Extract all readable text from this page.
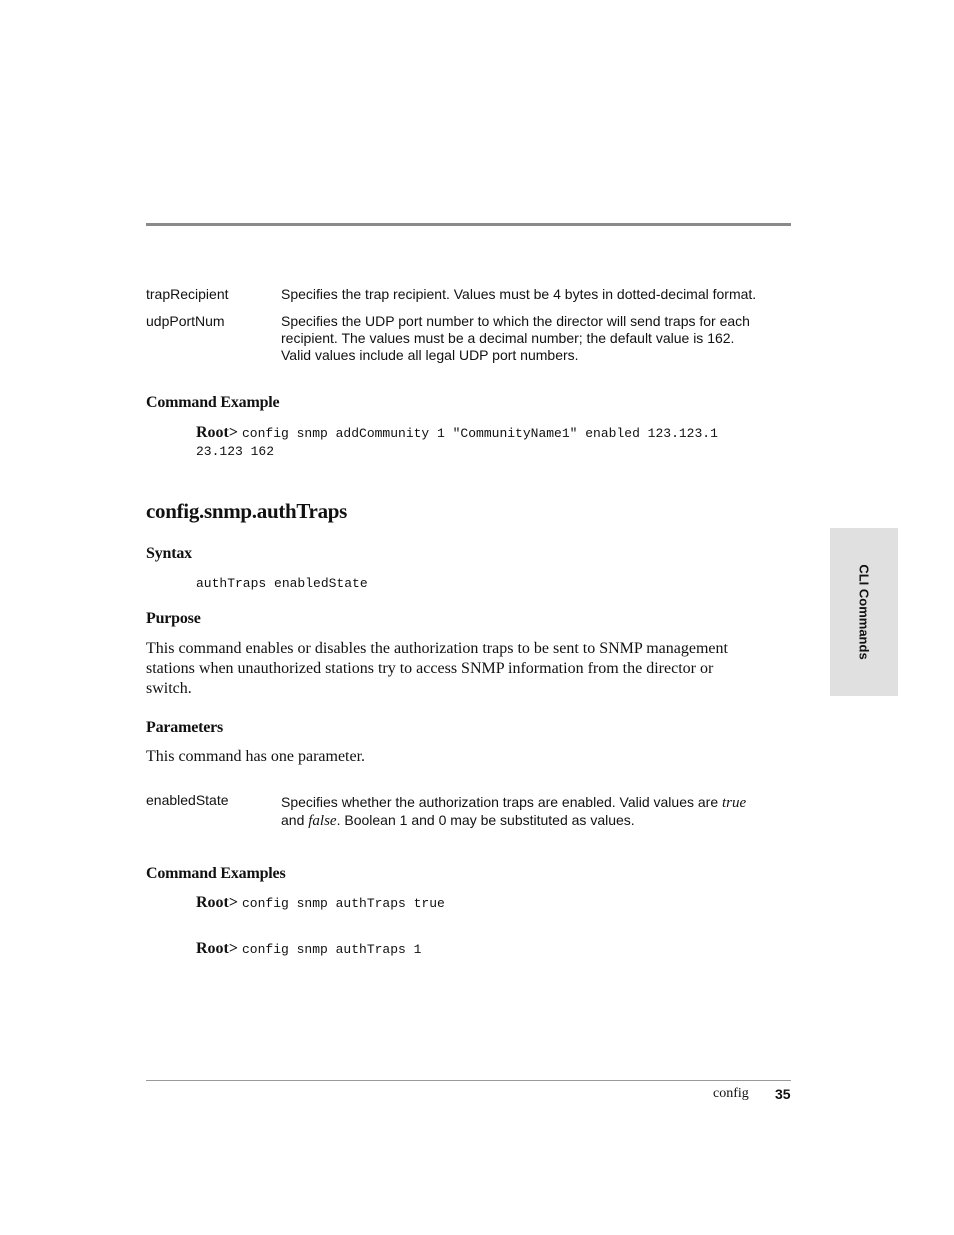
trapRecipient	Specifies the trap recipient. Values must be 4 bytes in dotted-decimal format.
udpPortNum	Specifies the UDP port number to which the director will send traps for each
recipient. The values must be a decimal number; the default value is 162.
Valid values include all legal UDP port numbers.
Command Example
Root> config snmp addCommunity 1 "CommunityName1" enabled 123.123.1
23.123 162
config.snmp.authTraps
Syntax
authTraps enabledState
Purpose
This command enables or disables the authorization traps to be sent to SNMP management
stations when unauthorized stations try to access SNMP information from the director or
switch.
Parameters
This command has one parameter.
enabledState	Specifies whether the authorization traps are enabled. Valid values are true
and false. Boolean 1 and 0 may be substituted as values.
Command Examples
Root> config snmp authTraps true
Root> config snmp authTraps 1
CLI Commands
config 35
